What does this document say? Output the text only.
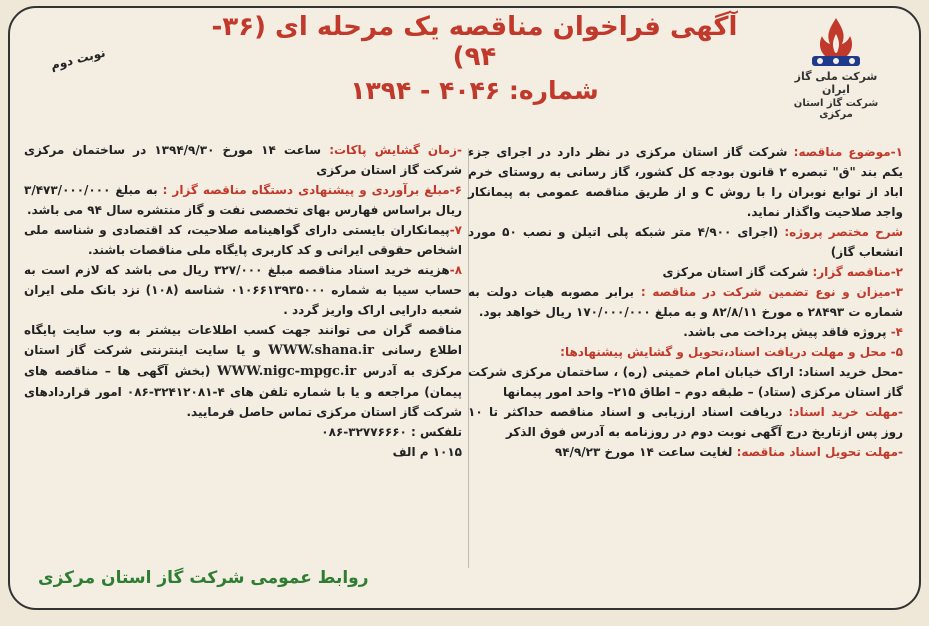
شرکت ملی گاز ایران
شرکت گاز استان مرکزی
آگهی فراخوان مناقصه یک مرحله ای (۳۶- ۹۴)
شماره: ۴۰۴۶ - ۱۳۹۴
نوبت دوم

۱-موضوع مناقصه: شرکت گاز استان مرکزی در نظر دارد در اجرای جزء یکم بند "ق" تبصره ۲ قانون بودجه کل کشور، گاز رسانی به روستای خرم اباد از توابع نوبران را با روش C و از طریق مناقصه عمومی به پیمانکار واجد صلاحیت واگذار نماید.

شرح مختصر پروژه: (اجرای ۴/۹۰۰ متر شبکه پلی اتیلن و نصب ۵۰ مورد انشعاب گاز)

۲-مناقصه گزار: شرکت گاز استان مرکزی

۳-میزان و نوع تضمین شرکت در مناقصه : برابر مصوبه هیات دولت به شماره ت ۲۸۴۹۳ ه مورخ ۸۲/۸/۱۱ و به مبلغ ۱۷۰/۰۰۰/۰۰۰ ریال خواهد بود.

۴- پروژه فاقد پیش پرداخت می باشد.

۵- محل و مهلت دریافت اسناد،تحویل و گشایش پیشنهادها:
-محل خرید اسناد: اراک خیابان امام خمینی (ره) ، ساختمان مرکزی شرکت گاز استان مرکزی (ستاد) – طبقه دوم – اطاق ۲۱۵– واحد امور پیمانها

-مهلت خرید اسناد: دریافت اسناد ارزیابی و اسناد مناقصه حداکثر تا ۱۰ روز پس ازتاریخ درج آگهی نوبت دوم در روزنامه به آدرس فوق الذکر

-مهلت تحویل اسناد مناقصه: لغایت ساعت ۱۴ مورخ ۹۴/۹/۲۳

-زمان گشایش پاکات: ساعت ۱۴ مورخ ۱۳۹۴/۹/۳۰ در ساختمان مرکزی شرکت گاز استان مرکزی

۶-مبلغ برآوردی و پیشنهادی دستگاه مناقصه گزار : به مبلغ ۳/۴۷۳/۰۰۰/۰۰۰ ریال براساس فهارس بهای تخصصی نفت و گاز منتشره سال ۹۴ می باشد.

۷-پیمانکاران بایستی دارای گواهینامه صلاحیت، کد اقتصادی و شناسه ملی اشخاص حقوقی ایرانی و کد کاربری پایگاه ملی مناقصات باشند.

۸-هزینه خرید اسناد مناقصه مبلغ ۳۲۷/۰۰۰ ریال می باشد که لازم است به حساب سیبا به شماره ۰۱۰۶۶۱۳۹۳۵۰۰۰ شناسه (۱۰۸) نزد بانک ملی ایران شعبه دارایی اراک واریز گردد .

مناقصه گران می توانند جهت کسب اطلاعات بیشتر به وب سایت پایگاه اطلاع رسانی WWW.shana.ir و یا سایت اینترنتی شرکت گاز استان مرکزی به آدرس WWW.nigc-mpgc.ir (بخش آگهی ها – مناقصه های پیمان) مراجعه و یا با شماره تلفن های ۴-۳۲۴۱۲۰۸۱-۰۸۶ امور قراردادهای شرکت گاز استان مرکزی تماس حاصل فرمایید.

تلفکس : ۳۲۷۷۶۶۶۰-۰۸۶

۱۰۱۵ م الف

روابط عمومی شرکت گاز استان مرکزی
